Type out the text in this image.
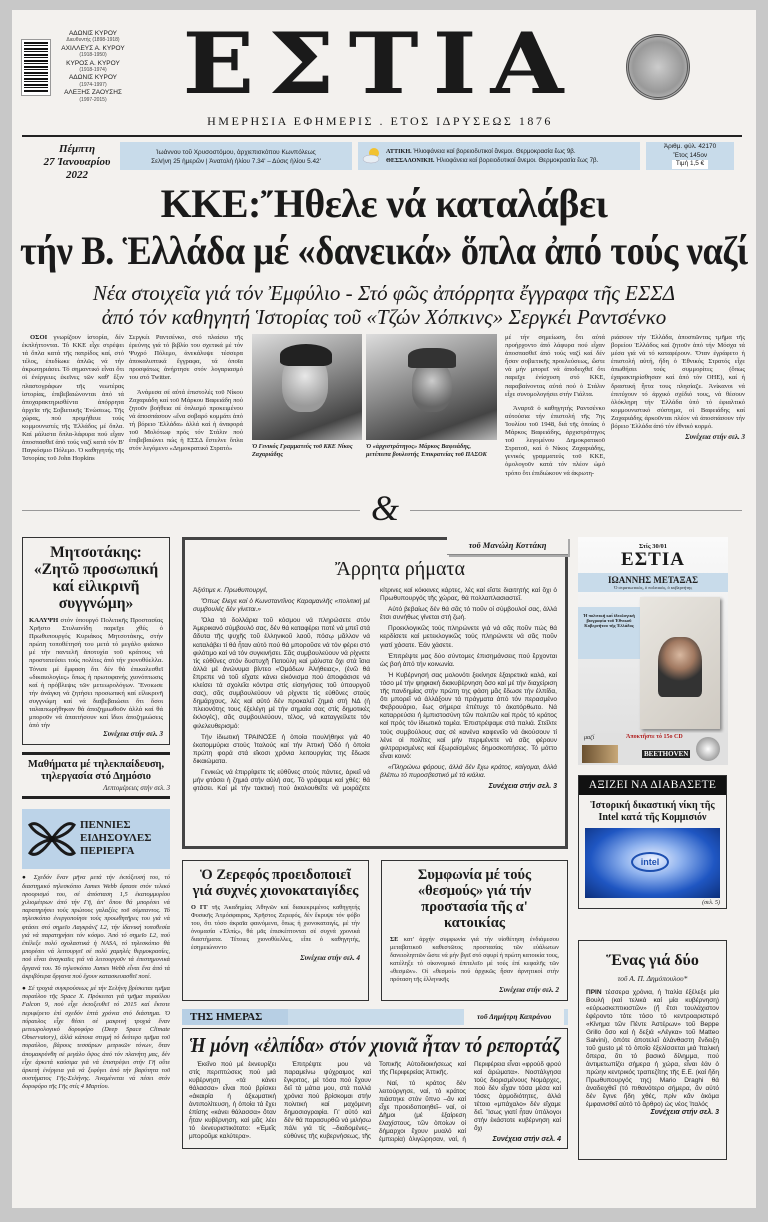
ΑΔΩΝΙΣ ΚΥΡΟΥ
Διευθυντής (1898-1918)
ΑΧΙΛΛΕΥΣ Α. ΚΥΡΟΥ
(1918-1950)
ΚΥΡΟΣ Α. ΚΥΡΟΥ
(1918-1974)
ΑΔΩΝΙΣ ΚΥΡΟΥ
(1974-1997)
ΑΛΕΞΗΣ ΖΑΟΥΣΗΣ
(1997-2015) ΕΣΤΙΑ
ΗΜΕΡΗΣΙΑ ΕΦΗΜΕΡΙΣ . ΕΤΟΣ ΙΔΡΥΣΕΩΣ 1876
Πέμπτη
27 Ἰανουαρίου 2022
Ἰωάννου τοῦ Χρυσοστόμου, ἀρχιεπισκόπου Κωνπόλεως
Σελήνη 25 ἡμερῶν | Ἀνατολή ἡλίου 7.34' – Δύσις ἡλίου 5.42'
ΑΤΤΙΚΗ. Ἡλιοφάνεια καί βορειοδυτικοί ἄνεμοι. Θερμοκρασία ἕως 9β.
ΘΕΣΣΑΛΟΝΙΚΗ. Ἡλιοφάνεια καί βορειοδυτικοί ἄνεμοι. Θερμοκρασία ἕως 7β.
Ἀριθμ. φύλ. 42170
Ἔτος 145ον
Τιμή 1,5 €
ΚΚΕ:Ἤθελε νά καταλάβει
τήν Β. Ἑλλάδα μέ «δανεικά» ὅπλα ἀπό τούς ναζί
Νέα στοιχεῖα γιά τόν Ἐμφύλιο - Στό φῶς ἀπόρρητα ἔγγραφα τῆς ΕΣΣΔ
ἀπό τόν καθηγητή Ἱστορίας τοῦ «Τζών Χόπκινς» Σεργκέι Ραντσένκο

ΟΣΟΙ γνωρίζουν ἱστορία, δέν ἐκπλήττονται. Τό ΚΚΕ εἶχε στρέψει τά ὅπλα κατά τῆς πατρίδος καί, στό τέλος, ἐπεδίωκε ἁπλῶς νά τήν ἀκρωτηριάσει. Τό σημαντικό εἶναι ὅτι οἱ ἐνέργειες ἐκεῖνες τῶν καθ' ἕξιν πλαστογράφων τῆς νεωτέρας ἱστορίας, ἐπιβεβαιώνονται ἀπό τά ἀποχαρακτηρισθέντα ἀπόρρητα ἀρχεῖα τῆς Σοβιετικῆς Ἑνώσεως. Τῆς χώρας, πού προμήθευε τούς κομμουνιστές τῆς Ἑλλάδος μέ ὅπλα. Καί μάλιστα ὅπλα-λάφυρα πού εἶχαν ἀποσπασθεῖ ἀπό τούς ναζί κατά τόν Β' Παγκόσμιο Πόλεμο. Ὁ καθηγητής τῆς Ἱστορίας τοῦ John Hopkins

Σεργκέι Ραντσένκο, στό πλαίσιο τῆς ἐρεύνης γιά τό βιβλίο του σχετικά μέ τόν Ψυχρό Πόλεμο, ἀνεκάλυψε τέσσερα ἀποκαλυπτικά ἔγγραφα, τά ὁποῖα προσφάτως ἀνήρτησε στόν λογαριασμό του στό Twitter.

Ἀνάμεσα σέ αὐτά ἐπιστολές τοῦ Νίκου Ζαχαριάδη καί τοῦ Μάρκου Βαφειάδη πού ζητοῦν βοήθεια σέ ὁπλισμό προκειμένου νά ἀποσπάσουν «ἕνα σοβαρό κομμάτι ἀπό τή βόρειο Ἑλλάδα» ἀλλά καί ἡ ἀναφορά τοῦ Μολότωφ πρός τόν Στάλιν πού ἐπιβεβαιώνει πώς ἡ ΕΣΣΔ ἔστελνε ὅπλα στόν λεγόμενο «Δημοκρατικό Στρατό»	Ὁ Γενικός Γραμματεύς τοῦ ΚΚΕ Νίκος Ζαχαριάδης
Ὁ «ἀρχιστράτηγος» Μάρκος Βαφειάδης, μετέπειτα βουλευτής Ἐπικρατείας τοῦ ΠΑΣΟΚ

μέ τήν σημείωση, ὅτι αὐτά προήρχοντο ἀπό λάφυρα πού εἶχαν ἀποσπασθεῖ ἀπό τούς ναζί καί δέν ἦσαν σοβιετικῆς προελεύσεως, ὥστε νά μήν μπορεῖ νά ἀποδειχθεῖ ὅτι παρεῖχε ἐνίσχυση στό ΚΚΕ, παραβαίνοντας αὐτά πού ὁ Στάλιν εἶχε συνομολογήσει στήν Γιάλτα.

Ἀναρτᾶ ὁ καθηγητής Ραντσένκο αὐτούσια τήν ἐπιστολή τῆς 7ης Ἰουλίου τοῦ 1948, διά τῆς ὁποίας ὁ Μάρκος Βαφειάδης, ἀρχιστράτηγος τοῦ λεγομένου Δημοκρατικοῦ Στρατοῦ, καί ὁ Νίκος Ζαχαριάδης, γενικός γραμματεύς τοῦ ΚΚΕ, ὁμολογοῦν κατά τόν πλέον ὠμό τρόπο ὅτι ἐπιδιώκουν νά ἀκρωτη-

ριάσουν τήν Ἑλλάδα, ἀποσπῶντας τμῆμα τῆς βορείου Ἑλλάδος καί ζητοῦν ἀπό τήν Μόσχα τά μέσα γιά νά τό καταφέρουν. Ὅταν ἐγράφετο ἡ ἐπιστολή αὐτή, ἤδη ὁ Ἐθνικός Στρατός εἶχε ἀπωθήσει τούς συμμορίτες (ὅπως ἐχαρακτηρίσθησαν καί ἀπό τόν ΟΗΕ), καί ἡ δραστική ἧττα τους πλησίαζε. Ἀνίκανοι νά ἐπιτύχουν τό ἀρχικό σχέδιό τους, νά θέσουν ὁλόκληρη τήν Ἑλλάδα ὑπό τό ἐφιαλτικό κομμουνιστικό σύστημα, οἱ Βαφειάδης καί Ζαχαριάδης ἀρκοῦνται πλέον νά ἀποσπάσουν τήν βόρειο Ἑλλάδα ἀπό τόν ἐθνικό κορμό.

Συνέχεια στήν σελ. 3
&
Μητσοτάκης: «Ζητῶ προσωπική καί εἰλικρινῆ συγγνώμη»

ΚΑΛΥΨΗ στόν ὑπουργό Πολιτικῆς Προστασίας Χρῆστο Στυλιανίδη παρεῖχε χθές ὁ Πρωθυπουργός Κυριάκος Μητσοτάκης, στήν πρώτη τοποθέτησή του μετά τό μεγάλο φιάσκο μέ τήν παντελῆ ἀποτυχία τοῦ κράτους νά προστατεύσει τούς πολίτες ἀπό τήν χιονοθύελλα. Τόνισε μέ ἔμφαση ὅτι δέν θά ἐπικαλεσθεῖ «δικαιολογίες» ὅπως ἡ πρωτοφανής χιονόπτωσις καί ἡ πρόβλεψις τῶν μετεωρολόγων. Ἔνοιωσε τήν ἀνάγκη νά ζητήσει προσωπική καί εἰλικρινῆ συγγνώμη καί νά διαβεβαιώσει ὅτι ὅσοι ταλαιπωρήθηκαν θά ἀποζημιωθοῦν ἀλλά καί θά μποροῦν νά ἀπαιτήσουν καί ἴδιοι ἀποζημιώσεις ἀπό τήν

Συνέχεια στήν σελ. 3
Μαθήματα μέ τηλεκπαίδευση, τηλεργασία στό Δημόσιο
Λεπτομέρειες στήν σελ. 3
ΠΕΝΝΙΕΣ
ΕΙΔΗΣΟΥΛΕΣ
ΠΕΡΙΕΡΓΑ

● Σχεδόν ἕναν μῆνα μετά τήν ἐκτόξευσή του, τό διαστημικό τηλεσκόπιο James Webb ἔφτασε στόν τελικό προορισμό του, σέ ἀπόσταση 1,5 ἑκατομμυρίου χιλιομέτρων ἀπό τήν Γῆ, ἀπ' ὅπου θά μπορέσει νά παρατηρήσει τούς πρώτους γαλαξίες τοῦ σύμπαντος. Τό τηλεσκόπιο ἐνεργοποίησε τούς προωθητῆρες του γιά νά φτάσει στό σημεῖο Λαγκράνζ L2, τήν ἰδανική τοποθεσία γιά νά παρατηρήσει τόν κόσμο. Ἀπό τό σημεῖο L2, πού ἐπέλεξε πολύ σχολαστικά ἡ NASA, τό τηλεσκόπιο θά μπορέσει νά λειτουργεῖ σέ πολύ χαμηλές θερμοκρασίες, πού εἶναι ἀναγκαῖες γιά νά λειτουργοῦν τά ἐπιστημονικά ὄργανά του. Τό τηλεσκόπιο James Webb εἶναι ἕνα ἀπό τά ἀκριβότερα ὄργανα πού ἔχουν κατασκευασθεῖ ποτέ.

● Σέ τροχιά συγκρούσεως μέ τήν Σελήνη βρίσκεται τμῆμα πυραύλου τῆς Space X. Πρόκειται γιά τμῆμα πυραύλου Falcon 9, πού εἶχε ἐκτοξευθεῖ τό 2015 καί ἔκτοτε περιφέρετο ἐπί σχεδόν ἑπτά χρόνια στό διάστημα. Ὁ πύραυλος εἶχε θέσει σέ μακρινή τροχιά ἕναν μετεωρολογικό δορυφόρο (Deep Space Climate Observatory), ἀλλά κάποια στιγμή τό δεύτερο τμῆμα τοῦ πυραύλου, βάρους τεσσάρων μετρικῶν τόνων, ὅταν ἀπομακρύνθη σέ μεγάλο ὕψος ἀπό τόν πλανήτη μας, δέν εἶχε ἀρκετά καύσιμα γιά νά ἐπιστρέψει στήν Γῆ οὔτε ἀρκετή ἐνέργεια γιά νά ξεφύγει ἀπό τήν βαρύτητα τοῦ συστήματος Γῆς-Σελήνης. Ἀναμένεται νά πέσει στόν δορυφόρο τῆς Γῆς στίς 4 Μαρτίου.

Ἄρρητα ρήματα

Ἀξιότιμε κ. Πρωθυπουργέ,

Ὅπως ἔλεγε καί ὁ Κωνσταντῖνος Καραμανλῆς «πολιτική μέ συμβουλές δέν γίνεται.»

Ὅλα τά δολλάρια τοῦ κόσμου νά πληρώσετε στόν Ἀμερικανό σύμβουλό σας, δέν θά καταφέρει ποτέ νά μπεῖ στά ἄδυτα τῆς ψυχῆς τοῦ ἑλληνικοῦ λαοῦ, πόσῳ μᾶλλον νά καταλάβει τί θά ἦταν αὐτό πού θά μποροῦσε νά τόν φέρει στό φιλότιμο καί νά τόν συγκινήσει. Σᾶς συμβουλεύουν νά ρίχνετε τίς εὐθῦνες στόν δυστυχῆ Πατούλη καί μάλιστα ὄχι στά ἴσια ἀλλά μέ ἀνώνυμα βίντεο «Ὁμάδων Ἀλήθειας», (ἐνῶ θά ἔπρεπε νά τοῦ εἴχατε κάνει εἰκόνισμα πού ἀποφάσισε νά κλείσει τά σχολεῖα κόντρα στίς εἰσηγήσεις τοῦ ὑπουργοῦ σας), σᾶς συμβουλεύουν νά ρίχνετε τίς εὐθῦνες στούς δημάρχους, λές καί αὐτό δέν προκαλεῖ ζημιά στή ΝΔ (ἡ πλειονότης τους ἐξελέγη μέ τήν σημαία σας στίς δημοτικές ἐκλογές), σᾶς συμβουλεύουν, τέλος, νά καταγγείλετε τόν φιλελευθερισμό:

Τήν ἰδιωτική ΤΡΑΙΝΟΣΕ ἡ ὁποία πουλήθηκε γιά 40 ἑκατομμύρια στούς Ἰταλούς καί τήν Ἀττική Ὁδό ἡ ὁποία πρώτη φορά στά εἴκοσι χρόνια λειτουργίας της ἔδωσε δικαιώματα.

Γενικώς νά ἐπιρρίψετε τίς εὐθῦνες στούς πάντες, ἀρκεῖ νά μήν φτάσει ἡ ζημιά στήν αὐλή σας. Τό γράψαμε καί χθές: θά φτάσει. Καί μέ τήν τακτική πού ἀκολουθεῖτε νά μοιράζετε κίτρινες καί κόκκινες κάρτες, λές καί εἴστε διαιτητής καί ὄχι ὁ Πρωθυπουργός τῆς χώρας, θά πολλαπλασιαστεῖ.

Αὐτό βεβαίως δέν θά σᾶς τό ποῦν οἱ σύμβουλοί σας, ἀλλά ἔτσι συνήθως γίνεται στή ζωή.

Προεκλογικῶς τούς πληρώνετε γιά νά σᾶς ποῦν πώς θά κερδίσετε καί μετεκλογικῶς τούς πληρώνετε νά σᾶς ποῦν γιατί χάσατε. Ἐάν χάσετε.

Ἐπιτρέψτε μας δύο σύντομες ἐπισημάνσεις πού ἔρχονται ὡς βοή ἀπό τήν κοινωνία.

Ἡ Κυβέρνησή σας μολονότι ξεκίνησε ἐξαιρετικά καλά, καί τόσο μέ τήν ψηφιακή διακυβέρνηση ὅσο καί μέ τήν διαχείριση τῆς πανδημίας στήν πρώτη της φάση μᾶς ἔδωσε τήν ἐλπίδα, ὅτι μπορεῖ νά ἀλλάξουν τά πράγματα ἀπό τόν περασμένο Φεβρουάριο, ἕως σήμερα ἐπέτυχε τό ἀκατόρθωτο. Νά καταρρεύσει ἡ ἐμπιστοσύνη τῶν πολιτῶν καί πρός τό κράτος καί πρός τόν ἰδιωτικό τομέα. Ἐπιστρέψαμε στά παλιά. Στεῖλτε τούς συμβούλους σας σέ κανένα καφενεῖο νά ἀκούσουν τί λένε οἱ πολῖτες καί μήν περιμένετε νά σᾶς φέρουν φιλτραρισμένες καί ἐξωραϊσμένες δημοσκοπήσεις. Τό μόττο εἶναι κοινό:

«Πληρώνω φόρους, ἀλλά δέν ἔχω κράτος, καίγομαι, ἀλλά βλέπω τό πυροσβεστικό μέ τά κιάλια.

Συνέχεια στήν σελ. 3
τοῦ Μανώλη Κοττάκη	Στίς 30/01
ΕΣΤΙΑ
ΙΩΑΝΝΗΣ ΜΕΤΑΞΑΣ
Ὁ στρατιωτικός, ὁ πολιτικός, ὁ κυβερνήτης
Ἡ πολιτική καί ἰδεολογική βιογραφία τοῦ Ἐθνικοῦ Κυβερνήτου τῆς Ἑλλάδος
μαζί	Ἀποκτῆστε τό 15ο CD
BEETHOVEN
ΑΞΙΖΕΙ ΝΑ ΔΙΑΒΑΣΕΤΕ
Ἱστορική δικαστική νίκη τῆς Intel κατά τῆς Κομμισιόν
intel
(σελ. 5)
Ἕνας γιά δύο
τοῦ Α. Π. Δημόπουλου*

ΠΡΙΝ τέσσερα χρόνια, ἡ Ἰταλία ἐξέλεξε μία Βουλή (καί τελικά καί μία κυβέρνηση) «εὐρωσκεπτικιστῶν» (ἤ ἔτσι τουλάχιστον ἐφέροντο τότε τόσο τό κεντροαριστερό «Κίνημα τῶν Πέντε Ἀστέρων» τοῦ Beppe Grillo ὅσο καί ἡ δεξιά «Λέγκα» τοῦ Matteo Salvini), ὁπότε ἀποτελεῖ ἀλάνθαστη ἔνδειξη τοῦ gusto μέ τό ὁποῖο ἐξελίσσεται μιά Ἰταλική ὄπερα, ὅτι τό βασικό δίλημμα, πού ἀντιμετωπίζει σήμερα ἡ χώρα, εἶναι ἐάν ὁ πρώην κεντρικός τραπεζίτης τῆς Ε.Ε. (καί ἤδη Πρωθυπουργός της) Mario Draghi θά ἀναδειχθεῖ (τό πιθανότερο σήμερα, ἄν αὐτό δέν ἔγινε ἤδη χθές, πρίν κἄν ἀκόμα ἐμφανισθεῖ αὐτό τό ἄρθρο) ὡς νέος Ἰταλός

Συνέχεια στήν σελ. 3
Ὁ Ζερεφός προειδοποιεῖ γιά συχνές χιονοκαταιγίδες

Ο ΓΓ τῆς Ἀκαδημίας Ἀθηνῶν καί διακεκριμένος καθηγητής Φυσικῆς Ἀτμόσφαιρας, Χρῆστος Ζερεφός, δέν ἔκρυψε τόν φόβο του, ὅτι τόσο ἀκραῖα φαινόμενα, ὅπως ἡ χιονοκαταιγίς, μέ τήν ὀνομασία «Ἐλπίς», θά μᾶς ἐπισκέπτονται σέ συχνά χρονικά διαστήματα. Τέτοιες χιονοθύελλες, εἶπε ὁ καθηγητής, ἐσημειώνοντο

Συνέχεια στήν σελ. 4
Συμφωνία μέ τούς «θεσμούς» γιά τήν προστασία τῆς α' κατοικίας

ΣΕ κατ' ἀρχήν συμφωνία γιά τήν υἱοθέτηση ἐνδιάμεσου μεταβατικοῦ καθεστῶτος προστασίας τῶν εὐάλωτων δανειοληπτῶν ὥστε νά μήν βγεῖ στό σφυρί ἡ πρώτη κατοικία τους, κατέληξε τό οἰκονομικό ἐπιτελεῖο μέ τούς ἐπί κεφαλῆς τῶν «θεσμῶν». Οἱ «θεσμοί» πού ἀρχικῶς ἦσαν ἀρνητικοί στήν πρόταση τῆς ἑλληνικῆς

Συνέχεια στήν σελ. 2
ΤΗΣ ΗΜΕΡΑΣ	τοῦ Δημήτρη Καπράνου
Ἡ μόνη «ἐλπίδα» στόν χιονιᾶ ἦταν τό ρεπορτάζ

Ἐκεῖνο πού μέ ἐκνευρίζει στίς περιπτώσεις πού μιά κυβέρνηση «τά κάνει θάλασσα» εἶναι πού βρίσκει «ἀκαιρία ἡ ἀξιωματική ἀντιπολίτευση, ἡ ὁποία τά ἔχει ἐπίσης «κάνει θάλασσα» ὅταν ἦταν κυβέρνηση, καί μᾶς λέει τό ἐκνευριστικότατο: «Ἐμεῖς μποροῦμε καλύτερα».

Ἐπιτρέψτε μου νά παραμείνω ψύχραιμος καί ἔγκριτος, μέ τόσα πού ἔχουν δεῖ τά μάτια μου, στά πολλά χρόνια πού βρίσκομαι στήν πολιτική καί μαχόμενη δημοσιογραφία. Γι' αὐτό καί δέν θά παρασυρθῶ νά μιλήσω πάλι γιά τίς –διαδομένες– εὐθύνες τῆς κυβερνήσεως, τῆς Τοπικῆς Αὐτοδιοικήσεως καί τῆς Περιφερείας Ἀττικῆς.

Ναί, τό κράτος δέν λειτούργησε, ναί, τό κράτος πιάστηκε στόν ὕπνο –ἄν καί εἶχε προειδοποιηθεῖ– ναί, οἱ Δῆμοι (μέ ἐξαίρεση ἐλαχίστους, τῶν ὁποίων οἱ δήμαρχοι ἔχουν μυαλό καί ἐμπειρία) ὀλιγώρησαν, ναί, ἡ Περιφέρεια εἶναι «φρούδ φρού καί ἀρώματα». Νοστάλγησα τούς διορισμένους Νομάρχες, πού δέν εἶχαν τόσα μέσα καί τόσες ἁρμοδιότητες, ἀλλά τέτοιο «μπάχαλο» δέν εἴχαμε δεῖ. Ἴσως γιατί ἦταν ὑπόλογοι στήν ἑκάστοτε κυβέρνηση καί ὄχι

Συνέχεια στήν σελ. 4
